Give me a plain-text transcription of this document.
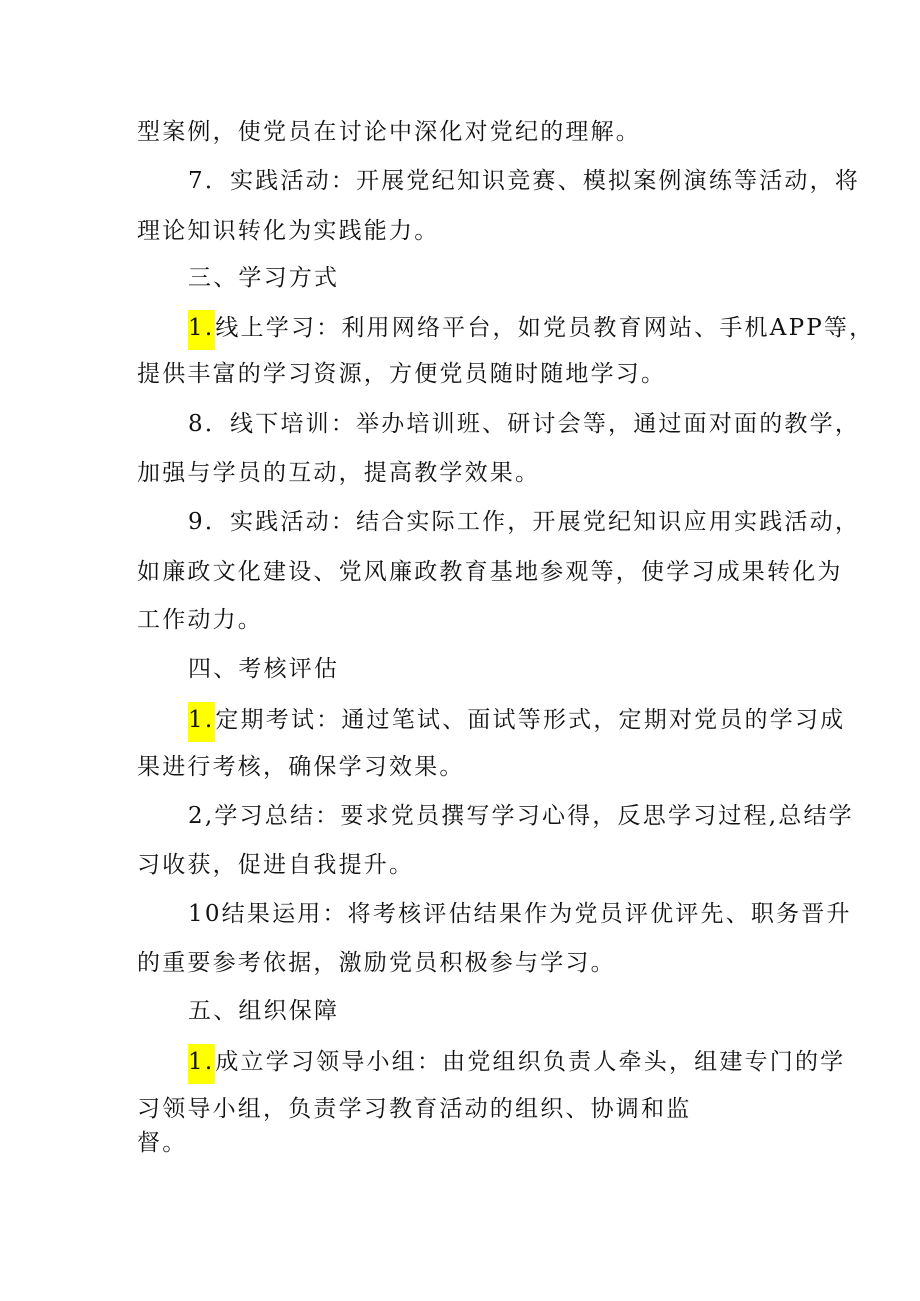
型案例，使党员在讨论中深化对党纪的理解。
7．实践活动：开展党纪知识竞赛、模拟案例演练等活动，将
理论知识转化为实践能力。
三、学习方式
1.线上学习：利用网络平台，如党员教育网站、手机APP等，
提供丰富的学习资源，方便党员随时随地学习。
8．线下培训：举办培训班、研讨会等，通过面对面的教学，
加强与学员的互动，提高教学效果。
9．实践活动：结合实际工作，开展党纪知识应用实践活动，
如廉政文化建设、党风廉政教育基地参观等，使学习成果转化为
工作动力。
四、考核评估
1.定期考试：通过笔试、面试等形式，定期对党员的学习成
果进行考核，确保学习效果。
2,学习总结：要求党员撰写学习心得，反思学习过程,总结学
习收获，促进自我提升。
10结果运用：将考核评估结果作为党员评优评先、职务晋升
的重要参考依据，激励党员积极参与学习。
五、组织保障
1.成立学习领导小组：由党组织负责人牵头，组建专门的学
习领导小组，负责学习教育活动的组织、协调和监
督。
